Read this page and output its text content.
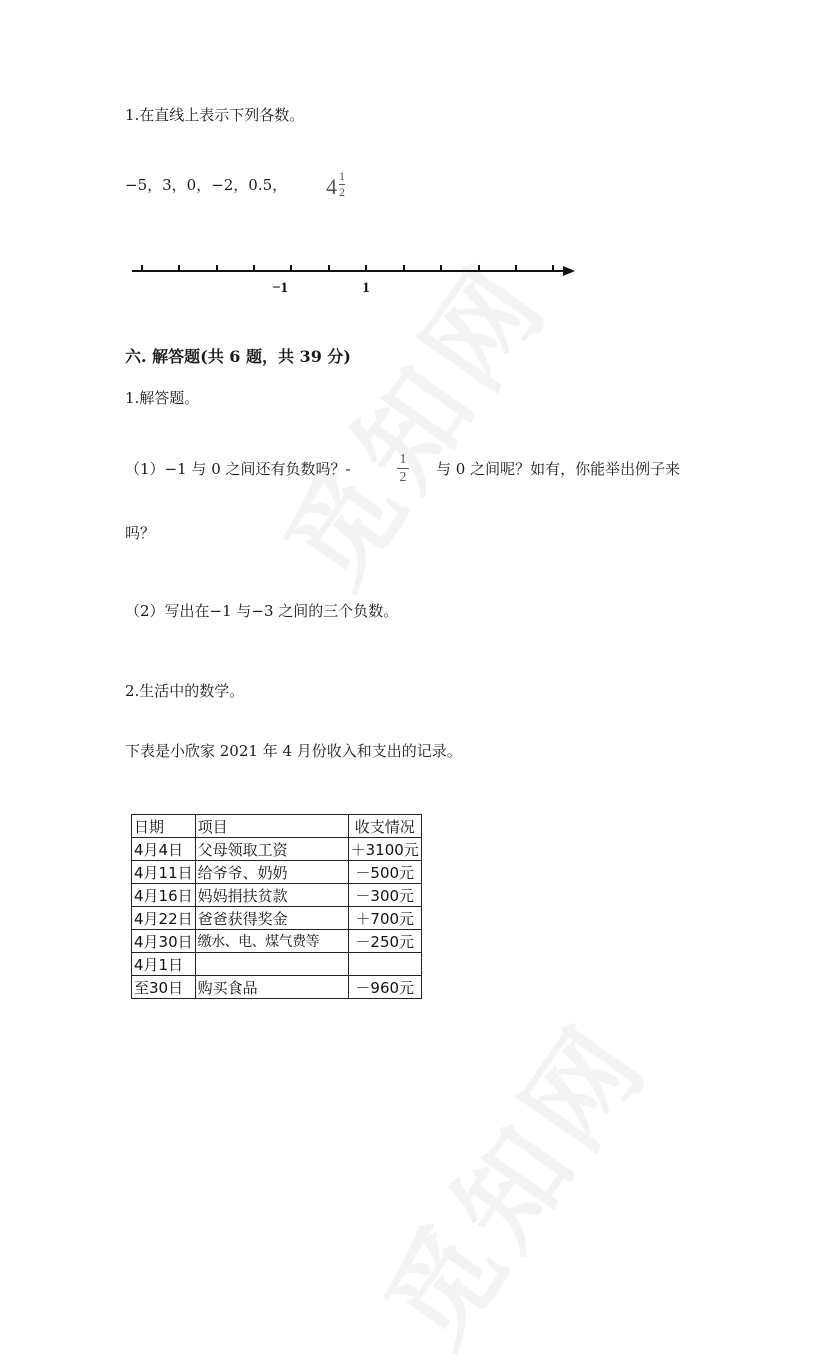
1.在直线上表示下列各数。
−5，3，0，−2，0.5， 4 1
2
−1	1
六. 解答题(共 6 题，共 39 分)
1.解答题。
（1）−1 与 0 之间还有负数吗？-
1
2 与 0 之间呢？如有，你能举出例子来
吗？
（2）写出在−1 与−3 之间的三个负数。
2.生活中的数学。
下表是小欣家 2021 年 4 月份收入和支出的记录。
日期	项目	收支情况
4月4日	父母领取工资	＋3100元
4月11日	给爷爷、奶奶	－500元
4月16日	妈妈捐扶贫款	－300元
4月22日	爸爸获得奖金	＋700元
4月30日	缴水、电、煤气费等	－250元
4月1日		
至30日	购买食品	－960元
